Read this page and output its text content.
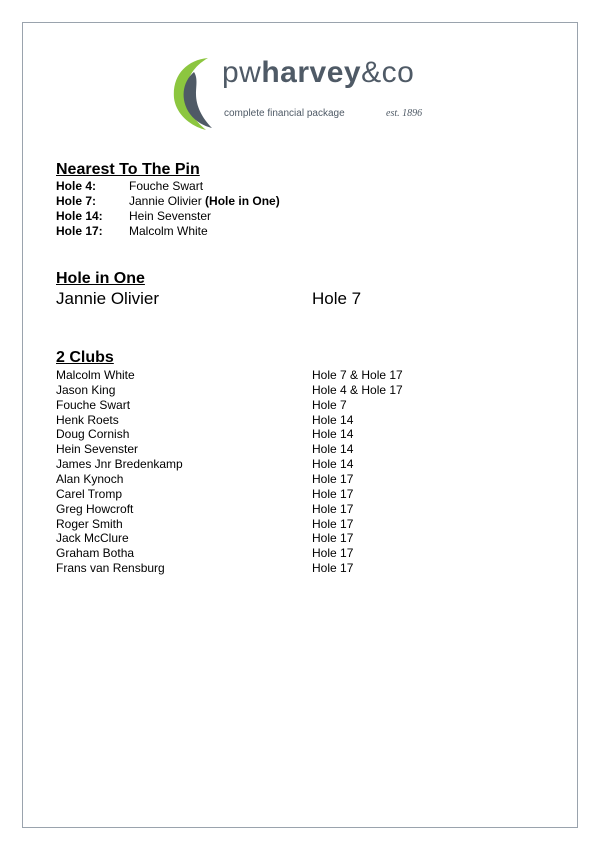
pwharvey&co
complete financial package	est. 1896
Nearest To The Pin
Hole 4:	Fouche Swart
Hole 7:	Jannie Olivier (Hole in One)
Hole 14: Hein Sevenster
Hole 17: Malcolm White
Hole in One
Jannie Olivier	Hole 7
2 Clubs
Malcolm White	Hole 7 & Hole 17
Jason King	Hole 4 & Hole 17
Fouche Swart	Hole 7
Henk Roets	Hole 14
Doug Cornish	Hole 14
Hein Sevenster	Hole 14
James Jnr Bredenkamp	Hole 14
Alan Kynoch	Hole 17
Carel Tromp	Hole 17
Greg Howcroft	Hole 17
Roger Smith	Hole 17
Jack McClure	Hole 17
Graham Botha	Hole 17
Frans van Rensburg	Hole 17
